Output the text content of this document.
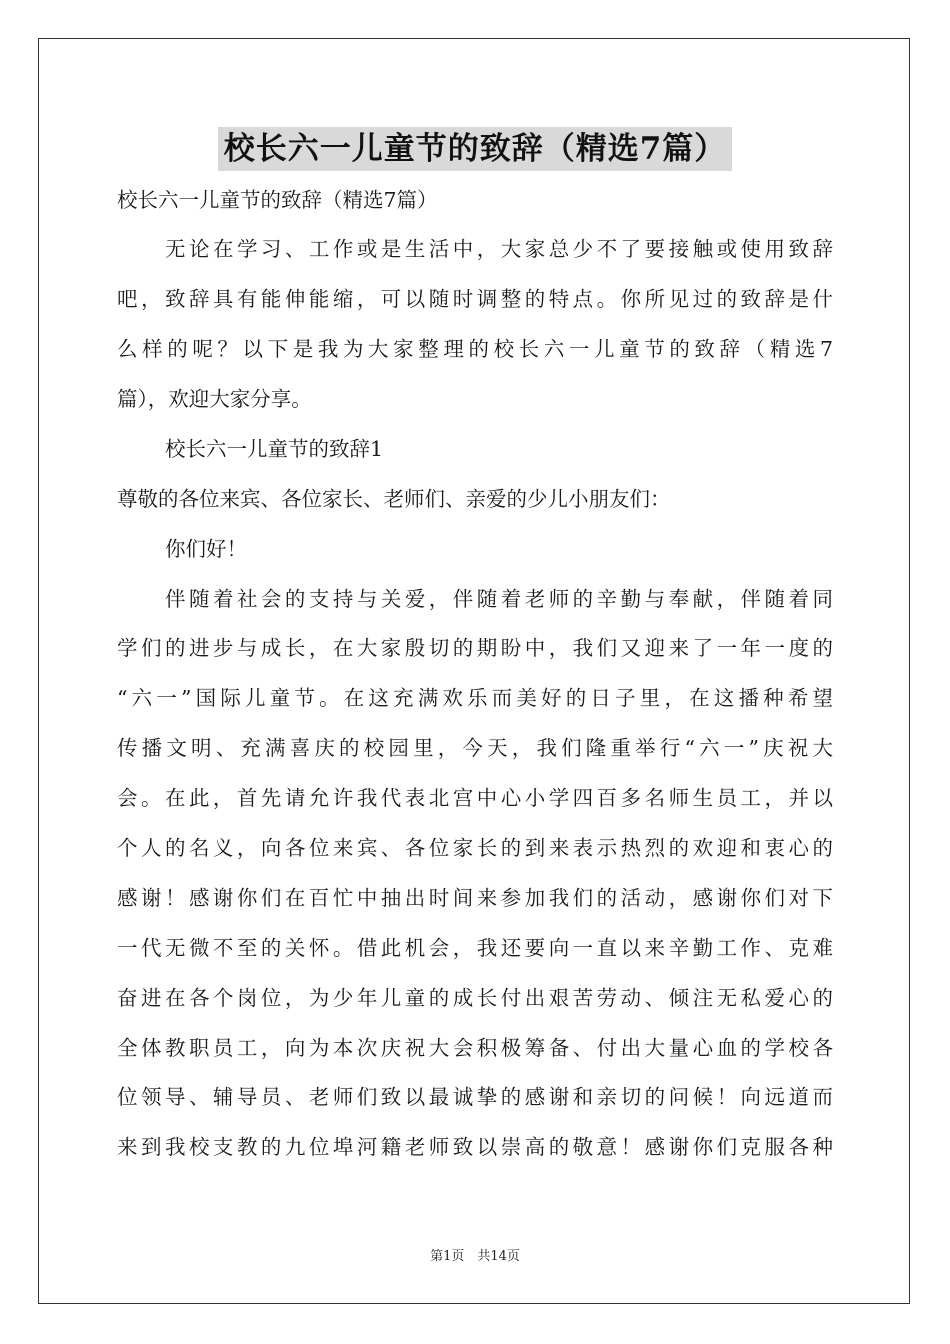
校长六一儿童节的致辞（精选7篇）

校长六一儿童节的致辞（精选7篇）

无论在学习、工作或是生活中，大家总少不了要接触或使用致辞

吧，致辞具有能伸能缩，可以随时调整的特点。你所见过的致辞是什

么样的呢？以下是我为大家整理的校长六一儿童节的致辞（精选7

篇），欢迎大家分享。

校长六一儿童节的致辞1

尊敬的各位来宾、各位家长、老师们、亲爱的少儿小朋友们：

你们好！

伴随着社会的支持与关爱，伴随着老师的辛勤与奉献，伴随着同

学们的进步与成长，在大家殷切的期盼中，我们又迎来了一年一度的

“六一”国际儿童节。在这充满欢乐而美好的日子里，在这播种希望

传播文明、充满喜庆的校园里，今天，我们隆重举行“六一”庆祝大

会。在此，首先请允许我代表北宫中心小学四百多名师生员工，并以

个人的名义，向各位来宾、各位家长的到来表示热烈的欢迎和衷心的

感谢！感谢你们在百忙中抽出时间来参加我们的活动，感谢你们对下

一代无微不至的关怀。借此机会，我还要向一直以来辛勤工作、克难

奋进在各个岗位，为少年儿童的成长付出艰苦劳动、倾注无私爱心的

全体教职员工，向为本次庆祝大会积极筹备、付出大量心血的学校各

位领导、辅导员、老师们致以最诚挚的感谢和亲切的问候！向远道而

来到我校支教的九位埠河籍老师致以崇高的敬意！感谢你们克服各种

第1页　共14页
